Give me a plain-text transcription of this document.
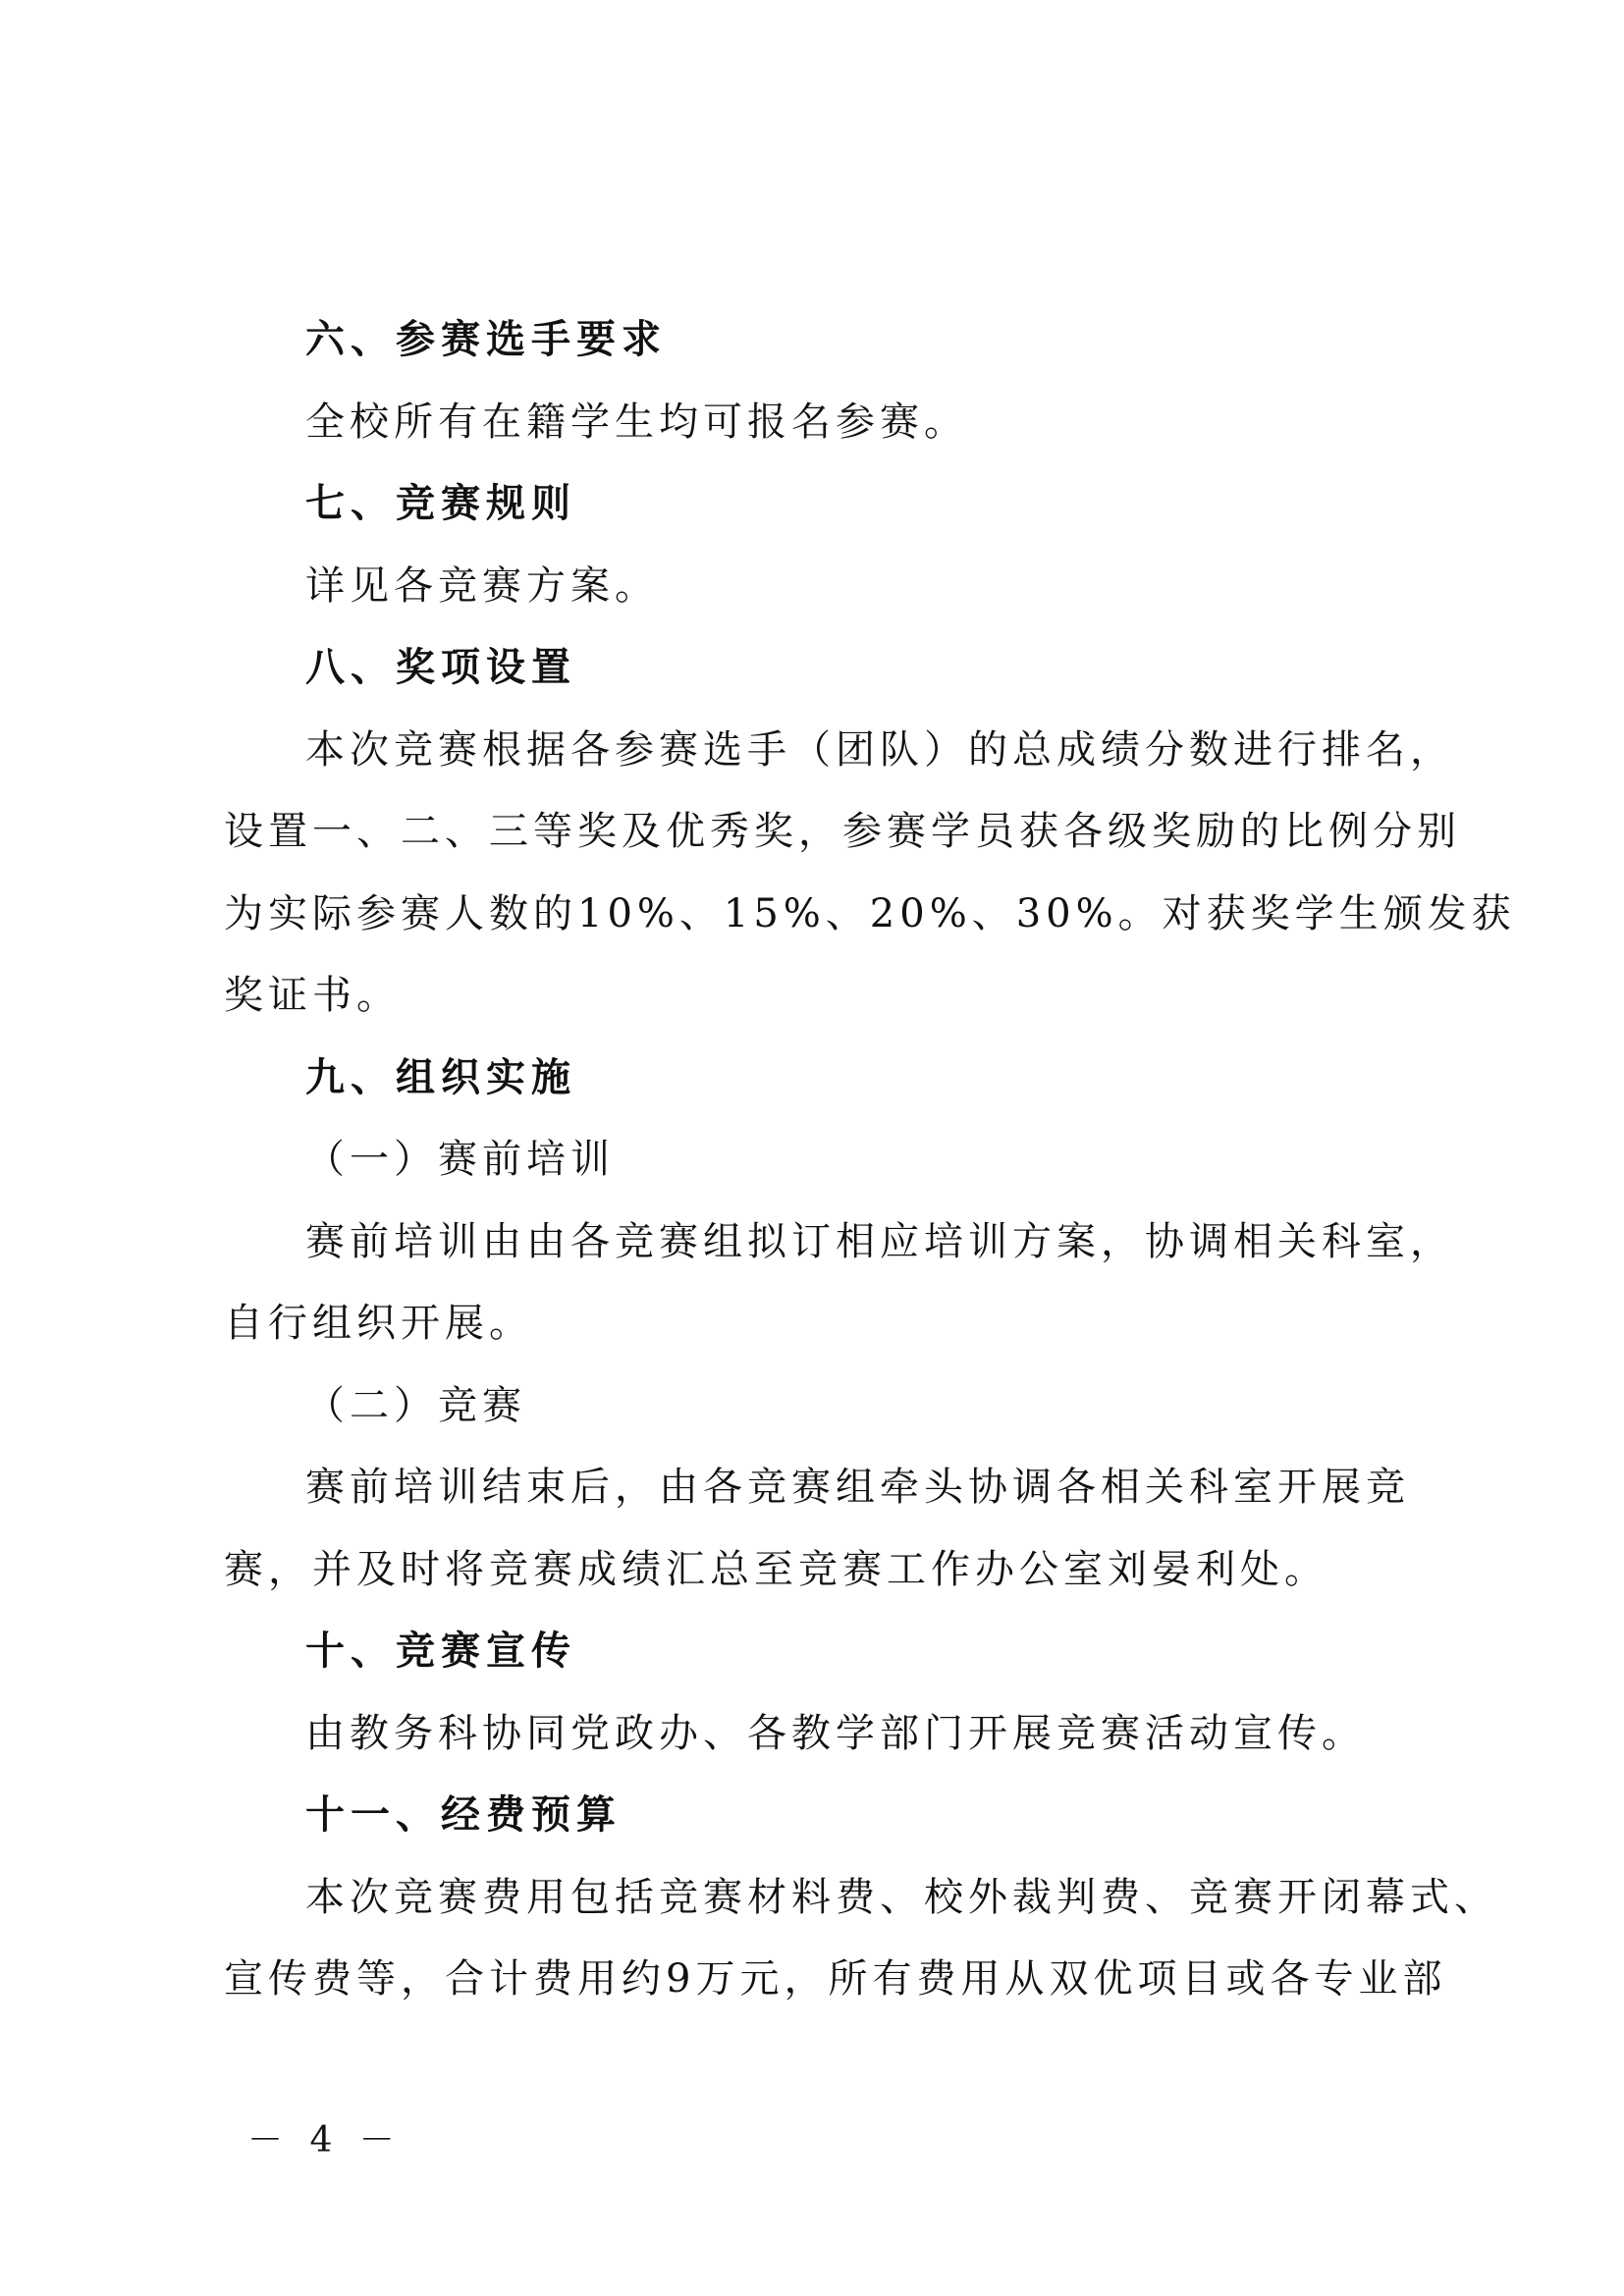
六、参赛选手要求
全校所有在籍学生均可报名参赛。
七、竞赛规则
详见各竞赛方案。
八、奖项设置
本次竞赛根据各参赛选手（团队）的总成绩分数进行排名，
设置一、二、三等奖及优秀奖，参赛学员获各级奖励的比例分别
为实际参赛人数的10%、15%、20%、30%。对获奖学生颁发获
奖证书。
九、组织实施
（一）赛前培训
赛前培训由由各竞赛组拟订相应培训方案，协调相关科室，
自行组织开展。
（二）竞赛
赛前培训结束后，由各竞赛组牵头协调各相关科室开展竞
赛，并及时将竞赛成绩汇总至竞赛工作办公室刘晏利处。
十、竞赛宣传
由教务科协同党政办、各教学部门开展竞赛活动宣传。
十一、经费预算
本次竞赛费用包括竞赛材料费、校外裁判费、竞赛开闭幕式、
宣传费等，合计费用约9万元，所有费用从双优项目或各专业部
－ 4 －
